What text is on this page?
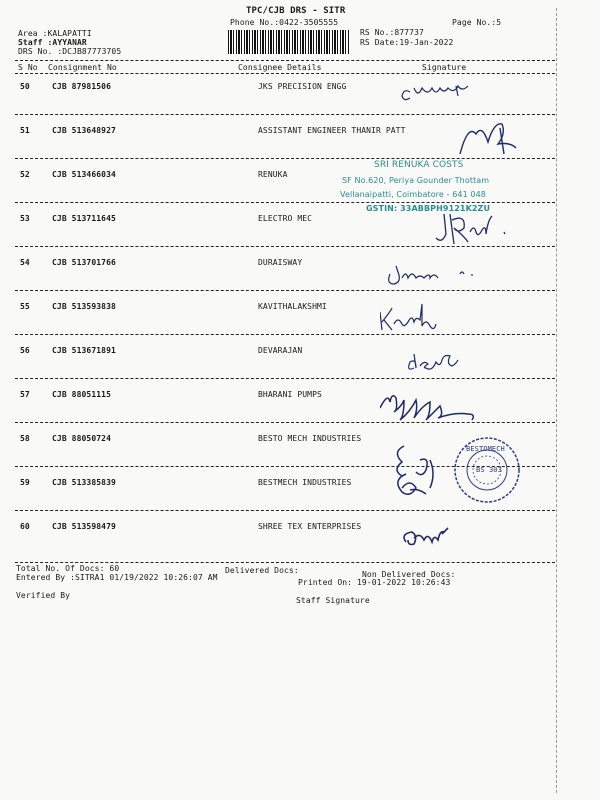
TPC/CJB DRS - SITR
Phone No.:0422-3505555	Page No.:5
Area :KALAPATTI
Staff :AYYANAR
DRS No. :DCJB87773705
RS No.:877737
RS Date:19-Jan-2022
S No Consignment No	Consignee Details	Signature
50	CJB 87981506	JKS PRECISION ENGG
51	CJB 513648927	ASSISTANT ENGINEER THANIR PATT
52	CJB 513466034	RENUKA
53	CJB 513711645	ELECTRO MEC
54	CJB 513701766	DURAISWAY
55	CJB 513593838	KAVITHALAKSHMI
56	CJB 513671891	DEVARAJAN
57	CJB 88051115	BHARANI PUMPS
58	CJB 88050724	BESTO MECH INDUSTRIES
59	CJB 513385839	BESTMECH INDUSTRIES
60	CJB 513598479	SHREE TEX ENTERPRISES
SRI RENUKA COSTS
SF No.620, Periya Gounder Thottam
Vellanaipatti, Coimbatore - 641 048
GSTIN: 33ABBPH9121K2ZU
BESTOMECH
BS 303
Total No. Of Docs: 60	Delivered Docs:	Non Delivered Docs:
Entered By :SITRA1 01/19/2022 10:26:07 AM
Printed On: 19-01-2022 10:26:43
Verified By
Staff Signature
